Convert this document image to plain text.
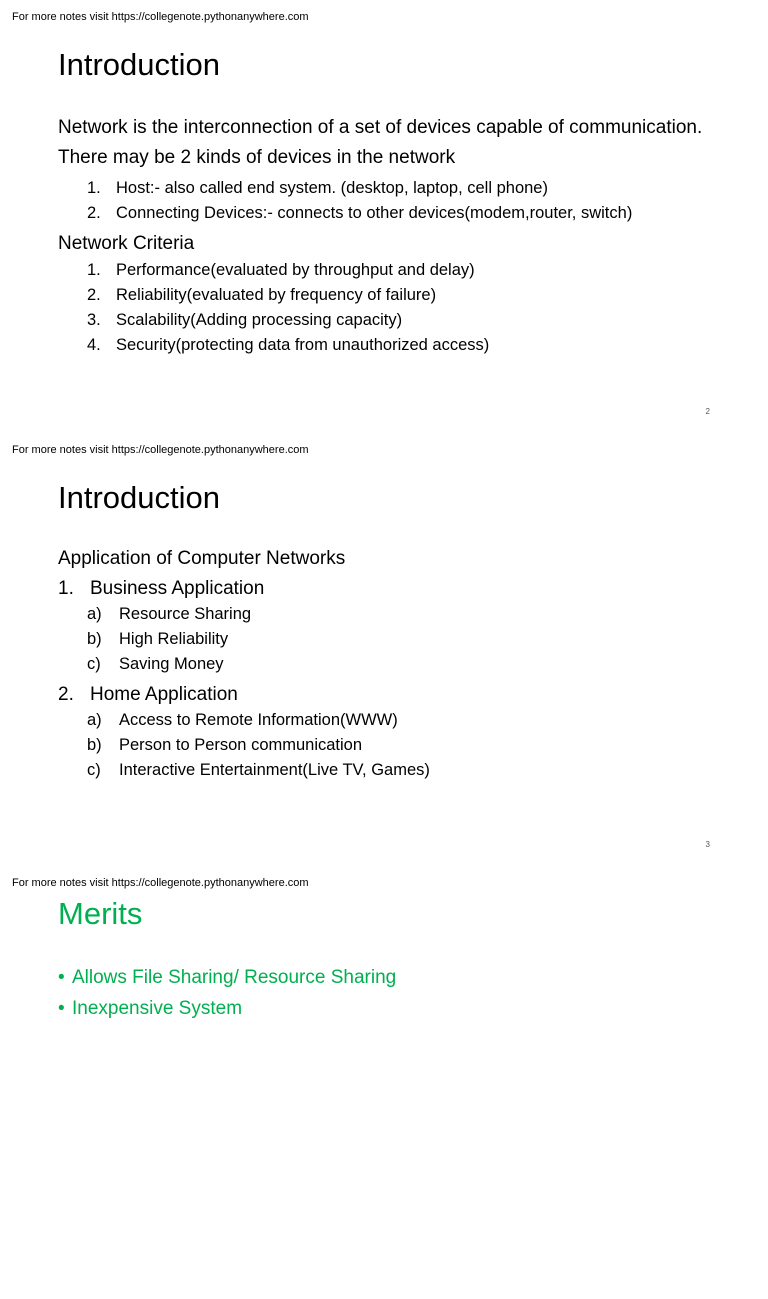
For more notes visit https://collegenote.pythonanywhere.com
Introduction

Network is the interconnection of a set of devices capable of communication.

There may be 2 kinds of devices in the network

1. Host:- also called end system. (desktop, laptop, cell phone)
2. Connecting Devices:- connects to other devices(modem,router, switch)

Network Criteria

1. Performance(evaluated by throughput and delay)
2. Reliability(evaluated by frequency of failure)
3. Scalability(Adding processing capacity)
4. Security(protecting data from unauthorized access)
2
For more notes visit https://collegenote.pythonanywhere.com
Introduction

Application of Computer Networks

1. Business Application
a)	Resource Sharing
b)	High Reliability
c)	Saving Money
2. Home Application
a)	Access to Remote Information(WWW)
b)	Person to Person communication
c)	Interactive Entertainment(Live TV, Games)
3
For more notes visit https://collegenote.pythonanywhere.com
Merits
• Allows File Sharing/ Resource Sharing
• Inexpensive System
